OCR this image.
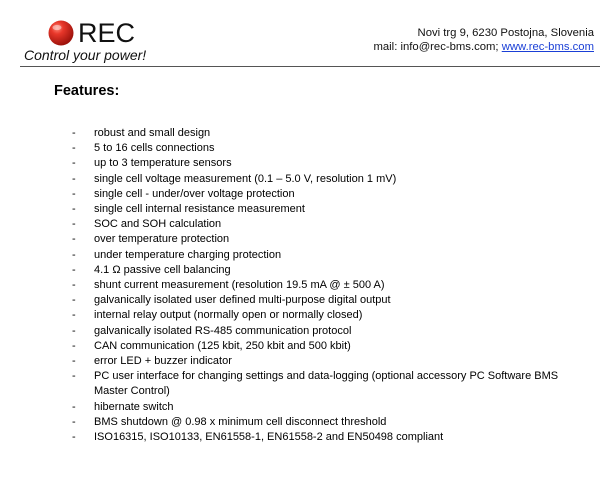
REC
Control your power!
Novi trg 9, 6230 Postojna, Slovenia
mail: info@rec-bms.com; www.rec-bms.com
Features:
- robust and small design
- 5 to 16 cells connections
- up to 3 temperature sensors
- single cell voltage measurement (0.1 – 5.0 V, resolution 1 mV)
- single cell - under/over voltage protection
- single cell internal resistance measurement
- SOC and SOH calculation
- over temperature protection
- under temperature charging protection
- 4.1 Ω passive cell balancing
- shunt current measurement (resolution 19.5 mA @ ± 500 A)
- galvanically isolated user defined multi-purpose digital output
- internal relay output (normally open or normally closed)
- galvanically isolated RS-485 communication protocol
- CAN communication (125 kbit, 250 kbit and 500 kbit)
- error LED + buzzer indicator
- PC user interface for changing settings and data-logging (optional accessory PC Software BMS Master Control)
- hibernate switch
- BMS shutdown @ 0.98 x minimum cell disconnect threshold
- ISO16315, ISO10133, EN61558-1, EN61558-2 and EN50498 compliant
